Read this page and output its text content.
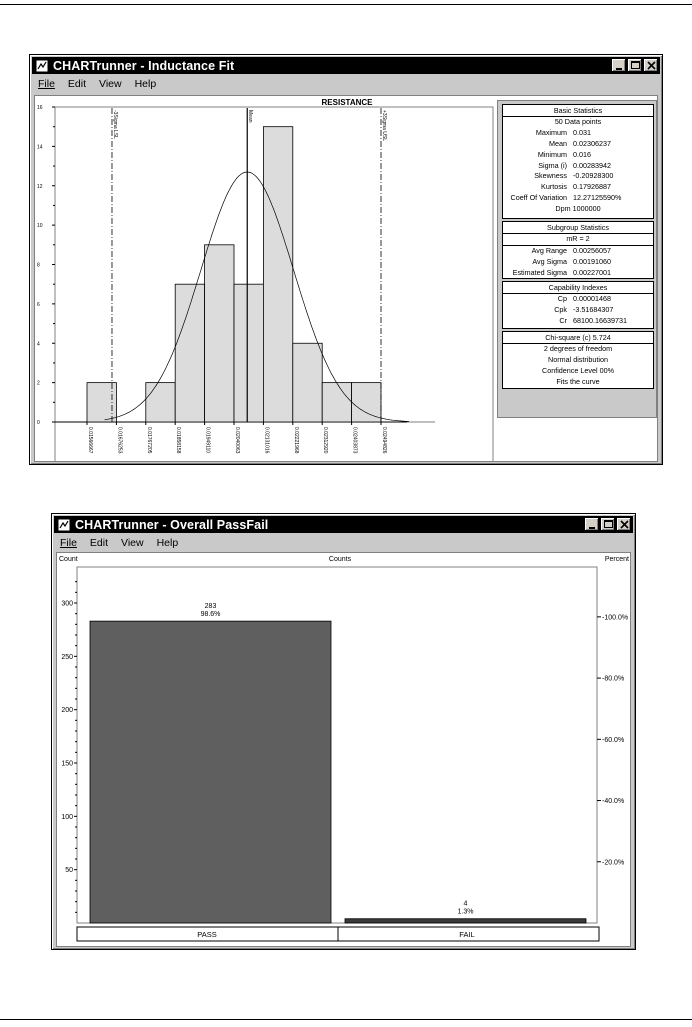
CHARTrunner - Inductance Fit
File Edit View Help
RESISTANCE
16
14
12
10
8
6
4
2
0
-3Sigma LSL	Mean	+3Sigma USL
0.01566667	0.01676253	0.01767205	0.01858158	0.01949110	0.02040063	0.02131016	0.02221968	0.02312920	0.02403873	0.02494826
Basic Statistics
50 Data points
Maximum 0.031
Mean 0.02306237
Minimum 0.016
Sigma (i) 0.00283942
Skewness -0.20928300
Kurtosis 0.17926887
Coeff Of Variation 12.27125590%
Dpm 1000000
Subgroup Statistics
mR = 2
Avg Range 0.00256057
Avg Sigma 0.00191060
Estimated Sigma 0.00227001
Capability Indexes
Cp 0.00001468
Cpk -3.51684307
Cr 68100.16639731
Chi-square (c) 5.724
2 degrees of freedom
Normal distribution
Confidence Level 00%
Fits the curve
CHARTrunner - Overall PassFail
File Edit View Help
Count	Counts	Percent
300
250
200
150
100
50
-100.0%
-80.0%
-60.0%
-40.0%
-20.0%
283
98.6%
4
1.3%
PASS	FAIL
